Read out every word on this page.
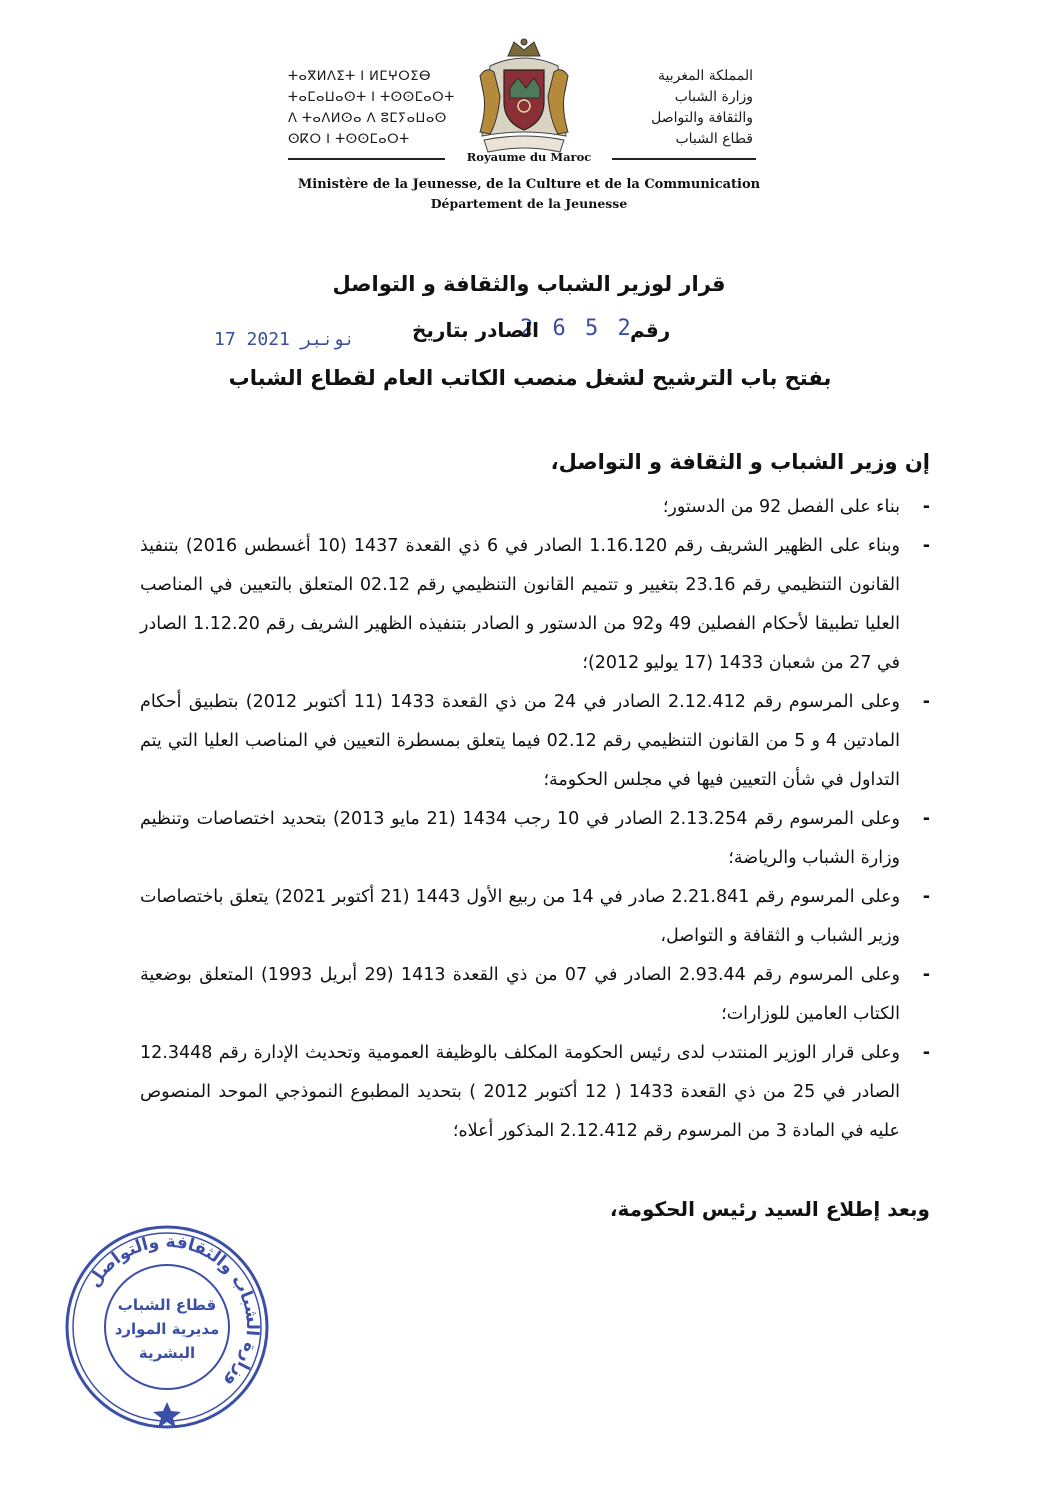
ⵜⴰⴳⵍⴷⵉⵜ ⵏ ⵍⵎⵖⵔⵉⴱ
ⵜⴰⵎⴰⵡⴰⵙⵜ ⵏ ⵜⵙⵙⵎⴰⵔⵜ
ⴷ ⵜⴰⴷⵍⵙⴰ ⴷ ⵓⵎⵢⴰⵡⴰⵙ
ⵙⴽⵔ ⵏ ⵜⵙⵙⵎⴰⵔⵜ
المملكة المغربية
وزارة الشباب
والثقافة والتواصل
قطاع الشباب
Royaume du Maroc
Ministère de la Jeunesse, de la Culture et de la Communication
Département de la Jeunesse
قرار لوزير الشباب والثقافة و التواصل
رقم
2 6 5 2
الصادر بتاريخ
17 نونبر 2021
بفتح باب الترشيح لشغل منصب الكاتب العام لقطاع الشباب
إن وزير الشباب و الثقافة و التواصل،
-
بناء على الفصل 92 من الدستور؛
-
وبناء على الظهير الشريف رقم 1.16.120 الصادر في 6 ذي القعدة 1437 (10 أغسطس 2016) بتنفيذ القانون التنظيمي رقم 23.16 بتغيير و تتميم القانون التنظيمي رقم 02.12 المتعلق بالتعيين في المناصب العليا تطبيقا لأحكام الفصلين 49 و92 من الدستور و الصادر بتنفيذه الظهير الشريف رقم 1.12.20 الصادر في 27 من شعبان 1433 (17 يوليو 2012)؛
-
وعلى المرسوم رقم 2.12.412 الصادر في 24 من ذي القعدة 1433 (11 أكتوبر 2012) بتطبيق أحكام المادتين 4 و 5 من القانون التنظيمي رقم 02.12 فيما يتعلق بمسطرة التعيين في المناصب العليا التي يتم التداول في شأن التعيين فيها في مجلس الحكومة؛
-
وعلى المرسوم رقم 2.13.254 الصادر في 10 رجب 1434 (21 مايو 2013) بتحديد اختصاصات وتنظيم وزارة الشباب والرياضة؛
-
وعلى المرسوم رقم 2.21.841 صادر في 14 من ربيع الأول 1443 (21 أكتوبر 2021) يتعلق باختصاصات وزير الشباب و الثقافة و التواصل،
-
وعلى المرسوم رقم 2.93.44 الصادر في 07 من ذي القعدة 1413 (29 أبريل 1993) المتعلق بوضعية الكتاب العامين للوزارات؛
-
وعلى قرار الوزير المنتدب لدى رئيس الحكومة المكلف بالوظيفة العمومية وتحديث الإدارة رقم 12.3448 الصادر في 25 من ذي القعدة 1433 ( 12 أكتوبر 2012 ) بتحديد المطبوع النموذجي الموحد المنصوص عليه في المادة 3 من المرسوم رقم 2.12.412 المذكور أعلاه؛
وبعد إطلاع السيد رئيس الحكومة،
وزارة الشباب والثقافة والتواصل
قطاع الشباب
مديرية الموارد
البشرية
